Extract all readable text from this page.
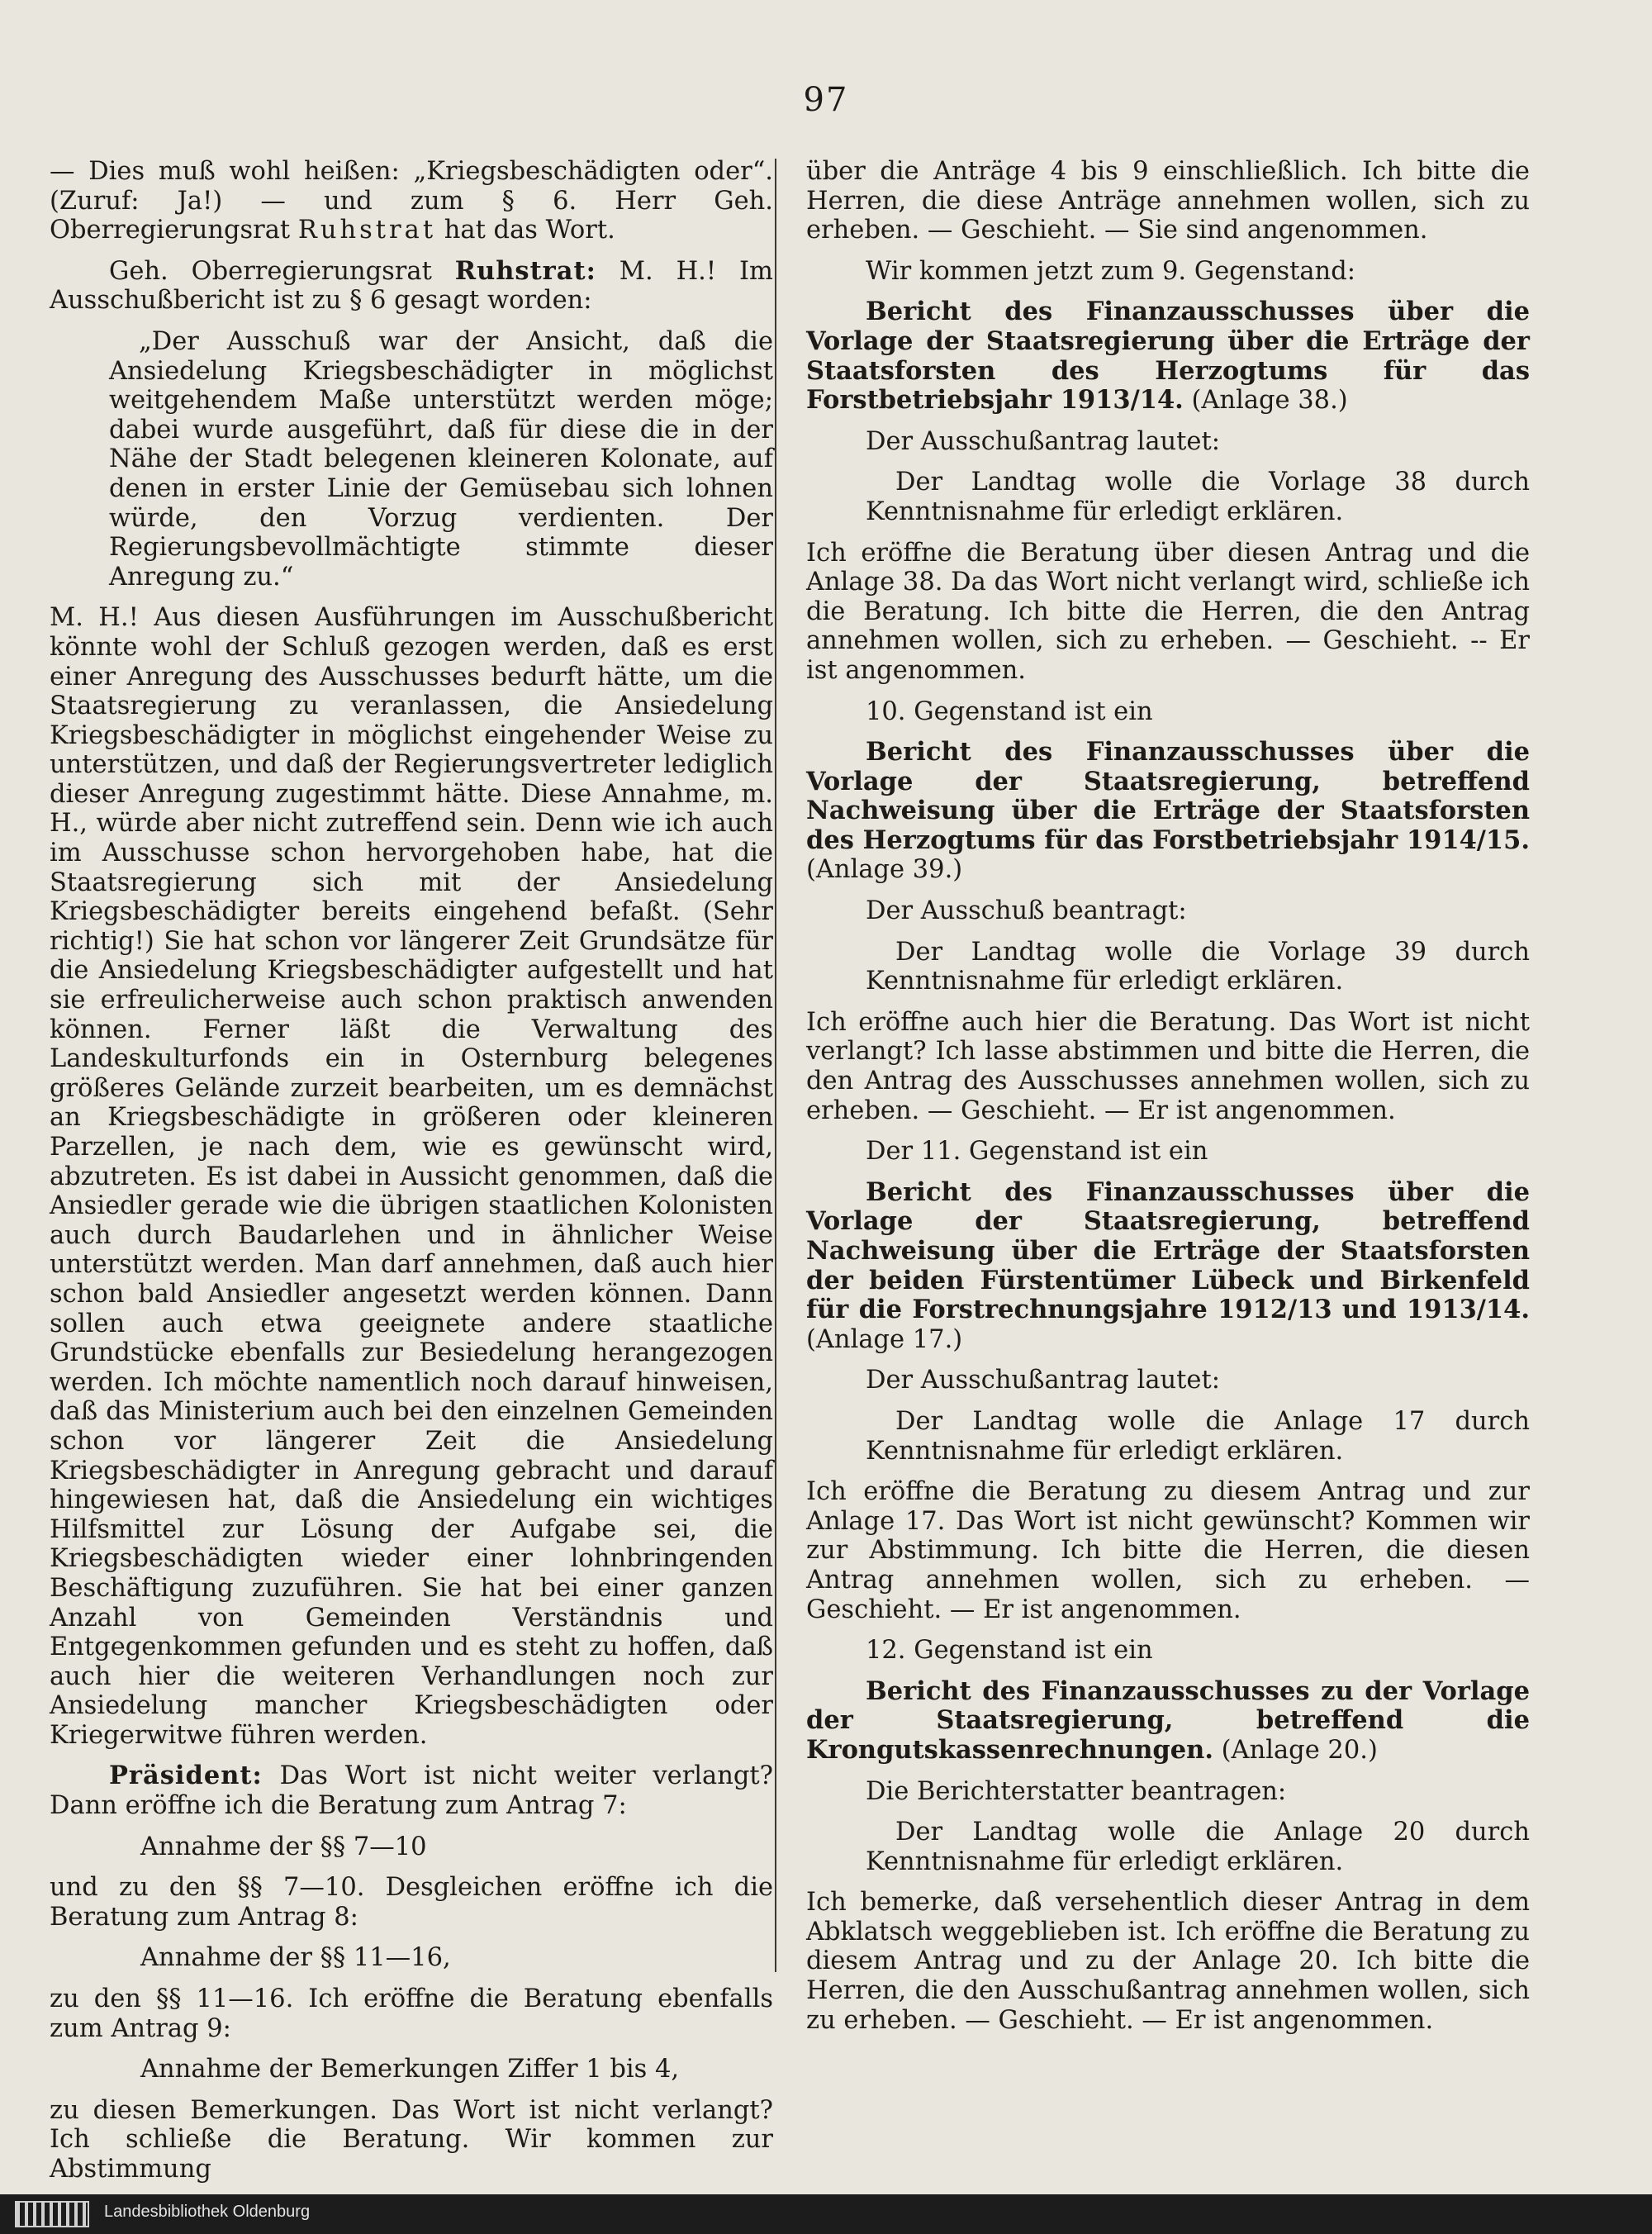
97

— Dies muß wohl heißen: „Kriegsbeschädigten oder“. (Zuruf: Ja!) — und zum § 6. Herr Geh. Oberregierungsrat Ruhstrat hat das Wort.

Geh. Oberregierungsrat Ruhstrat: M. H.! Im Ausschußbericht ist zu § 6 gesagt worden:

„Der Ausschuß war der Ansicht, daß die Ansiedelung Kriegsbeschädigter in möglichst weitgehendem Maße unterstützt werden möge; dabei wurde ausgeführt, daß für diese die in der Nähe der Stadt belegenen kleineren Kolonate, auf denen in erster Linie der Gemüsebau sich lohnen würde, den Vorzug verdienten. Der Regierungsbevollmächtigte stimmte dieser Anregung zu.“

M. H.! Aus diesen Ausführungen im Ausschußbericht könnte wohl der Schluß gezogen werden, daß es erst einer Anregung des Ausschusses bedurft hätte, um die Staatsregierung zu veranlassen, die Ansiedelung Kriegsbeschädigter in möglichst eingehender Weise zu unterstützen, und daß der Regierungsvertreter lediglich dieser Anregung zugestimmt hätte. Diese Annahme, m. H., würde aber nicht zutreffend sein. Denn wie ich auch im Ausschusse schon hervorgehoben habe, hat die Staatsregierung sich mit der Ansiedelung Kriegsbeschädigter bereits eingehend befaßt. (Sehr richtig!) Sie hat schon vor längerer Zeit Grundsätze für die Ansiedelung Kriegsbeschädigter aufgestellt und hat sie erfreulicherweise auch schon praktisch anwenden können. Ferner läßt die Verwaltung des Landeskulturfonds ein in Osternburg belegenes größeres Gelände zurzeit bearbeiten, um es demnächst an Kriegsbeschädigte in größeren oder kleineren Parzellen, je nach dem, wie es gewünscht wird, abzutreten. Es ist dabei in Aussicht genommen, daß die Ansiedler gerade wie die übrigen staatlichen Kolonisten auch durch Baudarlehen und in ähnlicher Weise unterstützt werden. Man darf annehmen, daß auch hier schon bald Ansiedler angesetzt werden können. Dann sollen auch etwa geeignete andere staatliche Grundstücke ebenfalls zur Besiedelung herangezogen werden. Ich möchte namentlich noch darauf hinweisen, daß das Ministerium auch bei den einzelnen Gemeinden schon vor längerer Zeit die Ansiedelung Kriegsbeschädigter in Anregung gebracht und darauf hingewiesen hat, daß die Ansiedelung ein wichtiges Hilfsmittel zur Lösung der Aufgabe sei, die Kriegsbeschädigten wieder einer lohnbringenden Beschäftigung zuzuführen. Sie hat bei einer ganzen Anzahl von Gemeinden Verständnis und Entgegenkommen gefunden und es steht zu hoffen, daß auch hier die weiteren Verhandlungen noch zur Ansiedelung mancher Kriegsbeschädigten oder Kriegerwitwe führen werden.

Präsident: Das Wort ist nicht weiter verlangt? Dann eröffne ich die Beratung zum Antrag 7:

Annahme der §§ 7—10

und zu den §§ 7—10. Desgleichen eröffne ich die Beratung zum Antrag 8:

Annahme der §§ 11—16,

zu den §§ 11—16. Ich eröffne die Beratung ebenfalls zum Antrag 9:

Annahme der Bemerkungen Ziffer 1 bis 4,

zu diesen Bemerkungen. Das Wort ist nicht verlangt? Ich schließe die Beratung. Wir kommen zur Abstimmung

über die Anträge 4 bis 9 einschließlich. Ich bitte die Herren, die diese Anträge annehmen wollen, sich zu erheben. — Geschieht. — Sie sind angenommen.

Wir kommen jetzt zum 9. Gegenstand:

Bericht des Finanzausschusses über die Vorlage der Staatsregierung über die Erträge der Staatsforsten des Herzogtums für das Forstbetriebsjahr 1913/14. (Anlage 38.)

Der Ausschußantrag lautet:

Der Landtag wolle die Vorlage 38 durch Kenntnisnahme für erledigt erklären.

Ich eröffne die Beratung über diesen Antrag und die Anlage 38. Da das Wort nicht verlangt wird, schließe ich die Beratung. Ich bitte die Herren, die den Antrag annehmen wollen, sich zu erheben. — Geschieht. -- Er ist angenommen.

10. Gegenstand ist ein

Bericht des Finanzausschusses über die Vorlage der Staatsregierung, betreffend Nachweisung über die Erträge der Staatsforsten des Herzogtums für das Forstbetriebsjahr 1914/15. (Anlage 39.)

Der Ausschuß beantragt:

Der Landtag wolle die Vorlage 39 durch Kenntnisnahme für erledigt erklären.

Ich eröffne auch hier die Beratung. Das Wort ist nicht verlangt? Ich lasse abstimmen und bitte die Herren, die den Antrag des Ausschusses annehmen wollen, sich zu erheben. — Geschieht. — Er ist angenommen.

Der 11. Gegenstand ist ein

Bericht des Finanzausschusses über die Vorlage der Staatsregierung, betreffend Nachweisung über die Erträge der Staatsforsten der beiden Fürstentümer Lübeck und Birkenfeld für die Forstrechnungsjahre 1912/13 und 1913/14. (Anlage 17.)

Der Ausschußantrag lautet:

Der Landtag wolle die Anlage 17 durch Kenntnisnahme für erledigt erklären.

Ich eröffne die Beratung zu diesem Antrag und zur Anlage 17. Das Wort ist nicht gewünscht? Kommen wir zur Abstimmung. Ich bitte die Herren, die diesen Antrag annehmen wollen, sich zu erheben. — Geschieht. — Er ist angenommen.

12. Gegenstand ist ein

Bericht des Finanzausschusses zu der Vorlage der Staatsregierung, betreffend die Krongutskassenrechnungen. (Anlage 20.)

Die Berichterstatter beantragen:

Der Landtag wolle die Anlage 20 durch Kenntnisnahme für erledigt erklären.

Ich bemerke, daß versehentlich dieser Antrag in dem Abklatsch weggeblieben ist. Ich eröffne die Beratung zu diesem Antrag und zu der Anlage 20. Ich bitte die Herren, die den Ausschußantrag annehmen wollen, sich zu erheben. — Geschieht. — Er ist angenommen.

Landesbibliothek Oldenburg
